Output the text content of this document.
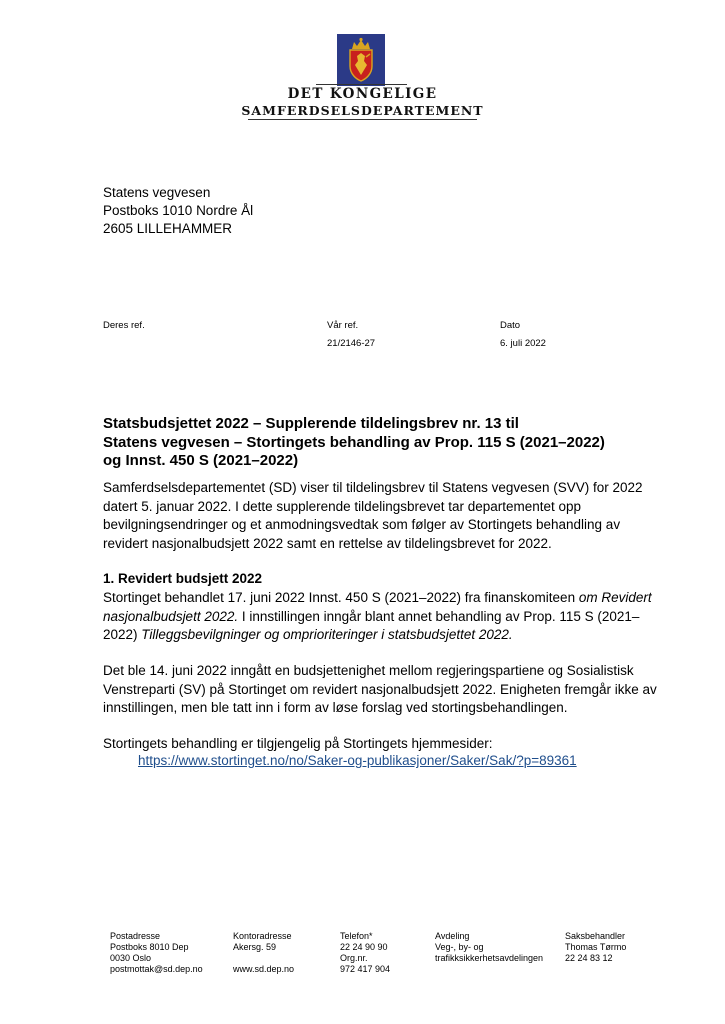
DET KONGELIGE
SAMFERDSELSDEPARTEMENT
Statens vegvesen
Postboks 1010 Nordre Ål
2605 LILLEHAMMER
Deres ref.	Vår ref.
21/2146-27
Dato
6. juli 2022
Statsbudsjettet 2022 – Supplerende tildelingsbrev nr. 13 til
Statens vegvesen – Stortingets behandling av Prop. 115 S (2021–2022)
og Innst. 450 S (2021–2022)
Samferdselsdepartementet (SD) viser til tildelingsbrev til Statens vegvesen (SVV) for 2022
datert 5. januar 2022. I dette supplerende tildelingsbrevet tar departementet opp
bevilgningsendringer og et anmodningsvedtak som følger av Stortingets behandling av
revidert nasjonalbudsjett 2022 samt en rettelse av tildelingsbrevet for 2022.
1. Revidert budsjett 2022
Stortinget behandlet 17. juni 2022 Innst. 450 S (2021–2022) fra finanskomiteen om Revidert
nasjonalbudsjett 2022. I innstillingen inngår blant annet behandling av Prop. 115 S (2021–
2022) Tilleggsbevilgninger og omprioriteringer i statsbudsjettet 2022.
Det ble 14. juni 2022 inngått en budsjettenighet mellom regjeringspartiene og Sosialistisk
Venstreparti (SV) på Stortinget om revidert nasjonalbudsjett 2022. Enigheten fremgår ikke av
innstillingen, men ble tatt inn i form av løse forslag ved stortingsbehandlingen.
Stortingets behandling er tilgjengelig på Stortingets hjemmesider:
https://www.stortinget.no/no/Saker-og-publikasjoner/Saker/Sak/?p=89361
Postadresse
Postboks 8010 Dep
0030 Oslo
postmottak@sd.dep.no
Kontoradresse
Akersg. 59

www.sd.dep.no
Telefon*
22 24 90 90
Org.nr.
972 417 904
Avdeling
Veg-, by- og
trafikksikkerhetsavdelingen
Saksbehandler
Thomas Tørmo
22 24 83 12
